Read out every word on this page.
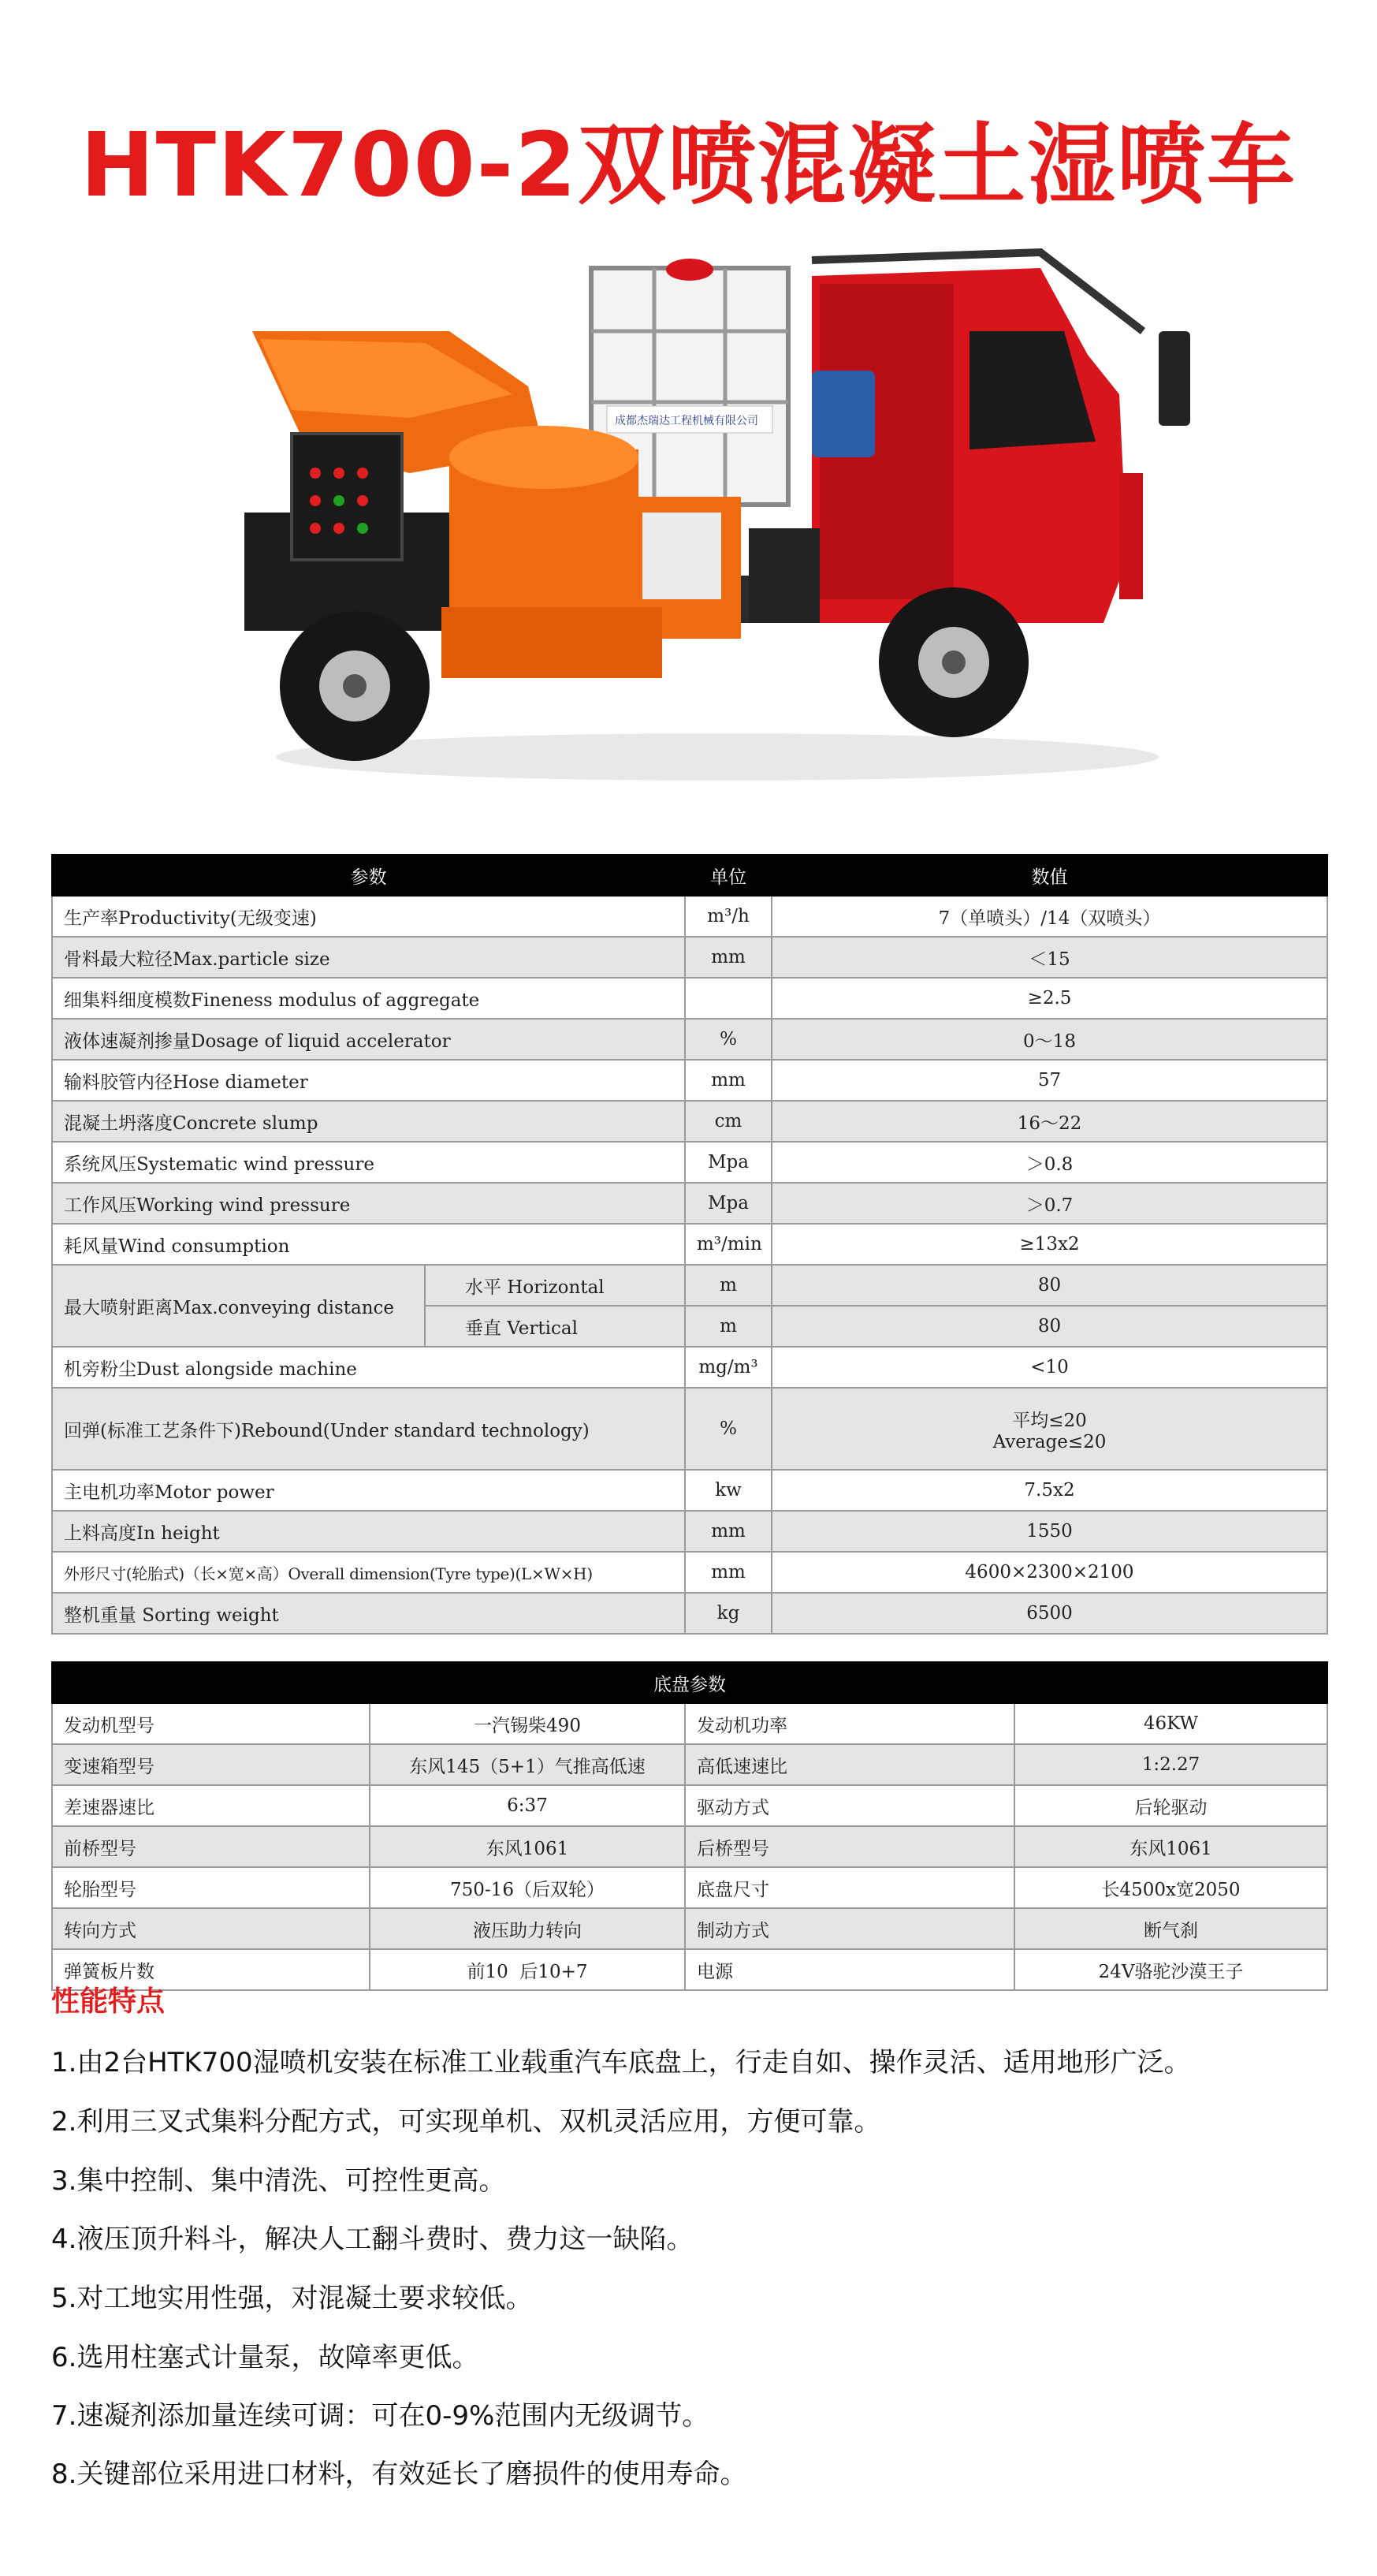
HTK700-2双喷混凝土湿喷车
成都杰瑞达工程机械有限公司
参数		单位	数值
生产率Productivity(无级变速)		m³/h	7（单喷头）/14（双喷头）
骨料最大粒径Max.particle size		mm	＜15
细集料细度模数Fineness modulus of aggregate			≥2.5
液体速凝剂掺量Dosage of liquid accelerator		%	0～18
输料胶管内径Hose diameter		mm	57
混凝土坍落度Concrete slump		cm	16～22
系统风压Systematic wind pressure		Mpa	＞0.8
工作风压Working wind pressure		Mpa	＞0.7
耗风量Wind consumption		m³/min	≥13x2
最大喷射距离Max.conveying distance	水平 Horizontal	m	80
	垂直 Vertical	m	80
机旁粉尘Dust alongside machine		mg/m³	<10
回弹(标准工艺条件下)Rebound(Under standard technology)		%	平均≤20
Average≤20

主电机功率Motor power		kw	7.5x2
上料高度In height		mm	1550
外形尺寸(轮胎式)（长×宽×高）Overall dimension(Tyre type)(L×W×H)		mm	4600×2300×2100
整机重量 Sorting weight		kg	6500
底盘参数			
发动机型号	一汽锡柴490	发动机功率	46KW
变速箱型号	东风145（5+1）气推高低速	高低速速比	1:2.27
差速器速比	6:37	驱动方式	后轮驱动
前桥型号	东风1061	后桥型号	东风1061
轮胎型号	750-16（后双轮）	底盘尺寸	长4500x宽2050
转向方式	液压助力转向	制动方式	断气刹
弹簧板片数	前10  后10+7	电源	24V骆驼沙漠王子
性能特点
1.由2台HTK700湿喷机安装在标准工业载重汽车底盘上，行走自如、操作灵活、适用地形广泛。
2.利用三叉式集料分配方式，可实现单机、双机灵活应用，方便可靠。
3.集中控制、集中清洗、可控性更高。
4.液压顶升料斗，解决人工翻斗费时、费力这一缺陷。
5.对工地实用性强，对混凝土要求较低。
6.选用柱塞式计量泵，故障率更低。
7.速凝剂添加量连续可调：可在0-9%范围内无级调节。
8.关键部位采用进口材料，有效延长了磨损件的使用寿命。
